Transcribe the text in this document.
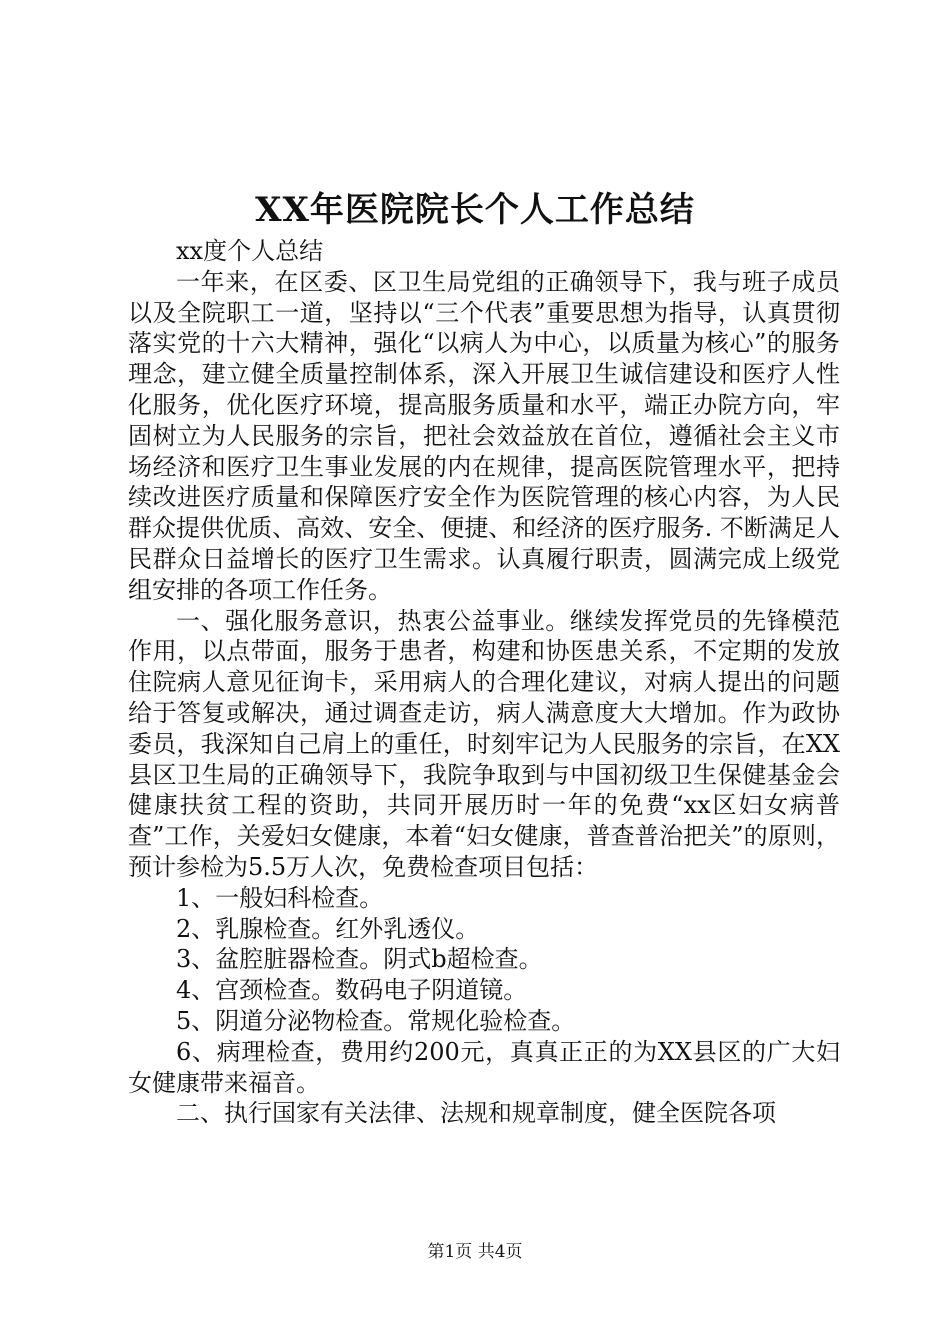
XX年医院院长个人工作总结

xx度个人总结

一年来，在区委、区卫生局党组的正确领导下，我与班子成员以及全院职工一道，坚持以“三个代表”重要思想为指导，认真贯彻落实党的十六大精神，强化“以病人为中心，以质量为核心”的服务理念，建立健全质量控制体系，深入开展卫生诚信建设和医疗人性化服务，优化医疗环境，提高服务质量和水平，端正办院方向，牢固树立为人民服务的宗旨，把社会效益放在首位，遵循社会主义市场经济和医疗卫生事业发展的内在规律，提高医院管理水平，把持续改进医疗质量和保障医疗安全作为医院管理的核心内容，为人民群众提供优质、高效、安全、便捷、和经济的医疗服务. 不断满足人民群众日益增长的医疗卫生需求。认真履行职责，圆满完成上级党组安排的各项工作任务。

一、强化服务意识，热衷公益事业。继续发挥党员的先锋模范作用，以点带面，服务于患者，构建和协医患关系，不定期的发放住院病人意见征询卡，采用病人的合理化建议，对病人提出的问题给于答复或解决，通过调查走访，病人满意度大大增加。作为政协委员，我深知自己肩上的重任，时刻牢记为人民服务的宗旨，在XX县区卫生局的正确领导下，我院争取到与中国初级卫生保健基金会健康扶贫工程的资助，共同开展历时一年的免费“xx区妇女病普查”工作，关爱妇女健康，本着“妇女健康，普查普治把关”的原则，预计参检为5.5万人次，免费检查项目包括：

1、一般妇科检查。

2、乳腺检查。红外乳透仪。

3、盆腔脏器检查。阴式b超检查。

4、宫颈检查。数码电子阴道镜。

5、阴道分泌物检查。常规化验检查。

6、病理检查，费用约200元，真真正正的为XX县区的广大妇女健康带来福音。

二、执行国家有关法律、法规和规章制度，健全医院各项

第1页 共4页
